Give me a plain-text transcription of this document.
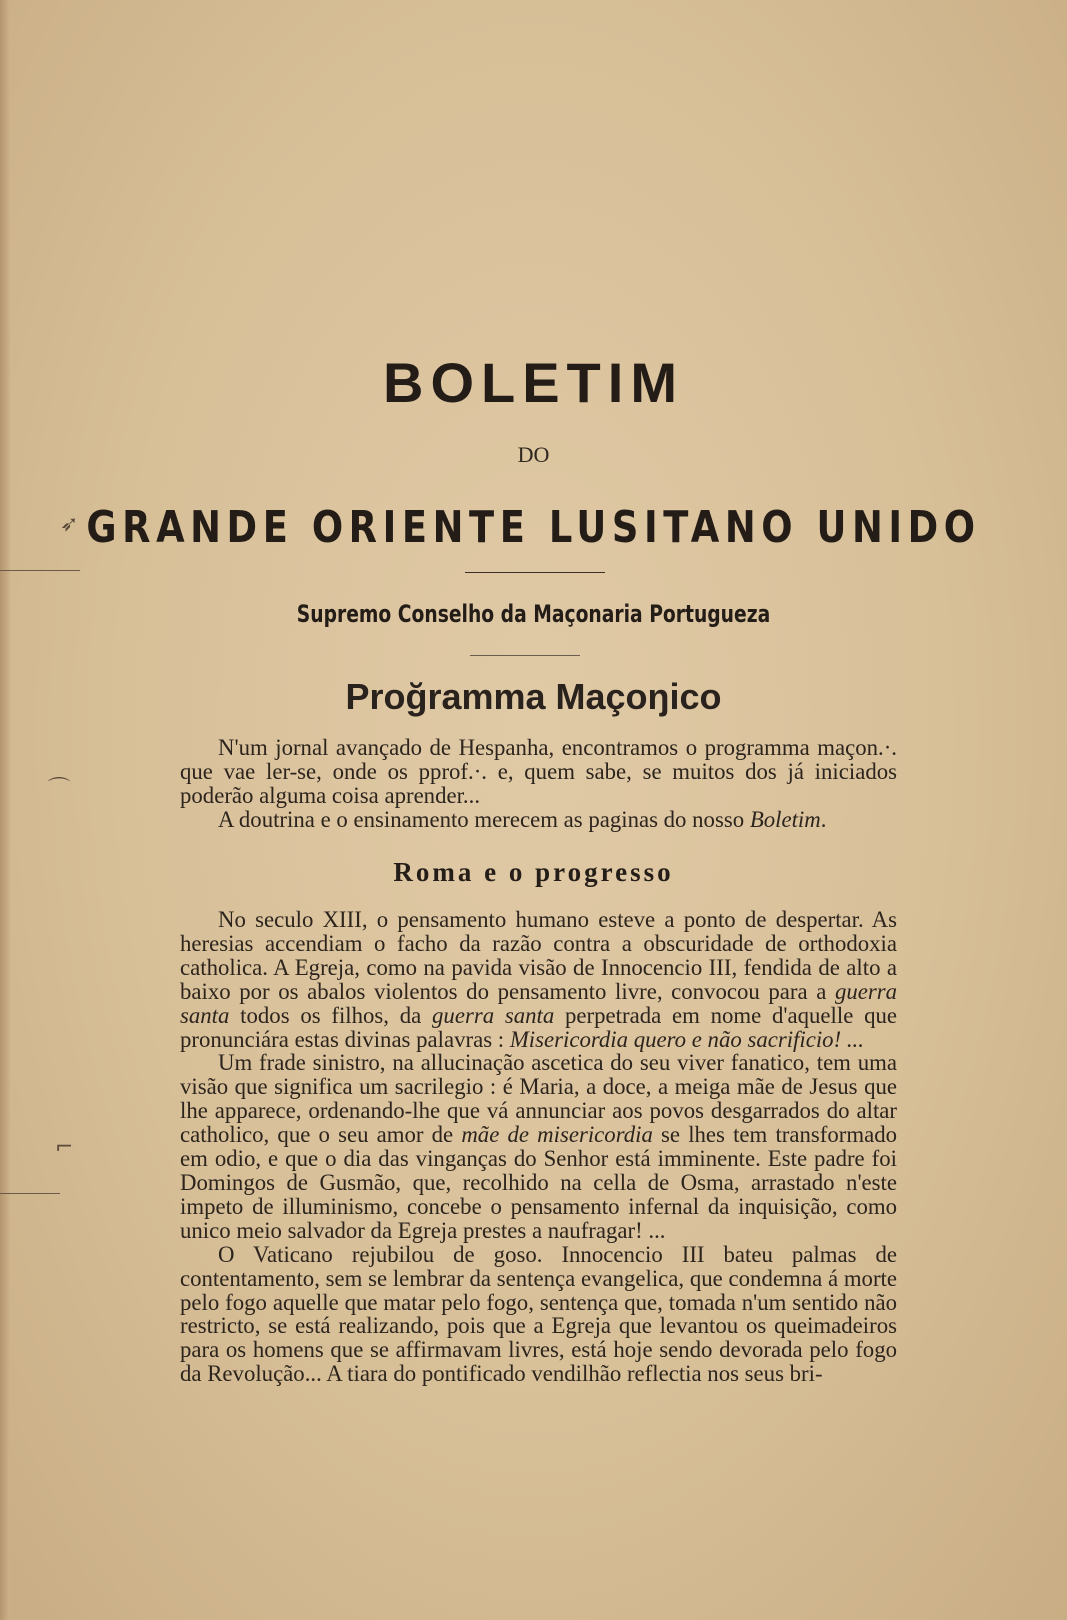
➶
⌒
⌐
BOLETIM
DO
GRANDE ORIENTE LUSITANO UNIDO
Supremo Conselho da Maçonaria Portugueza
Proğramma Maçoŋico

N'um jornal avançado de Hespanha, encontramos o programma maçon.·. que vae ler-se, onde os pprof.·. e, quem sabe, se muitos dos já iniciados poderão alguma coisa aprender...

A doutrina e o ensinamento merecem as paginas do nosso Boletim.

Roma e o progresso

No seculo XIII, o pensamento humano esteve a ponto de despertar. As heresias accendiam o facho da razão contra a obscuridade de orthodoxia catholica. A Egreja, como na pavida visão de Innocencio III, fendida de alto a baixo por os abalos violentos do pensamento livre, convocou para a guerra santa todos os filhos, da guerra santa perpetrada em nome d'aquelle que pronunciára estas divinas palavras : Misericordia quero e não sacrificio! ...

Um frade sinistro, na allucinação ascetica do seu viver fanatico, tem uma visão que significa um sacrilegio : é Maria, a doce, a meiga mãe de Jesus que lhe apparece, ordenando-lhe que vá annunciar aos povos desgarrados do altar catholico, que o seu amor de mãe de misericordia se lhes tem transformado em odio, e que o dia das vinganças do Senhor está imminente. Este padre foi Domingos de Gusmão, que, recolhido na cella de Osma, arrastado n'este impeto de illuminismo, concebe o pensamento infernal da inquisição, como unico meio salvador da Egreja prestes a naufragar! ...

O Vaticano rejubilou de goso. Innocencio III bateu palmas de contentamento, sem se lembrar da sentença evangelica, que condemna á morte pelo fogo aquelle que matar pelo fogo, sentença que, tomada n'um sentido não restricto, se está realizando, pois que a Egreja que levantou os queimadeiros para os homens que se affirmavam livres, está hoje sendo devorada pelo fogo da Revolução... A tiara do pontificado vendilhão reflectia nos seus bri-
